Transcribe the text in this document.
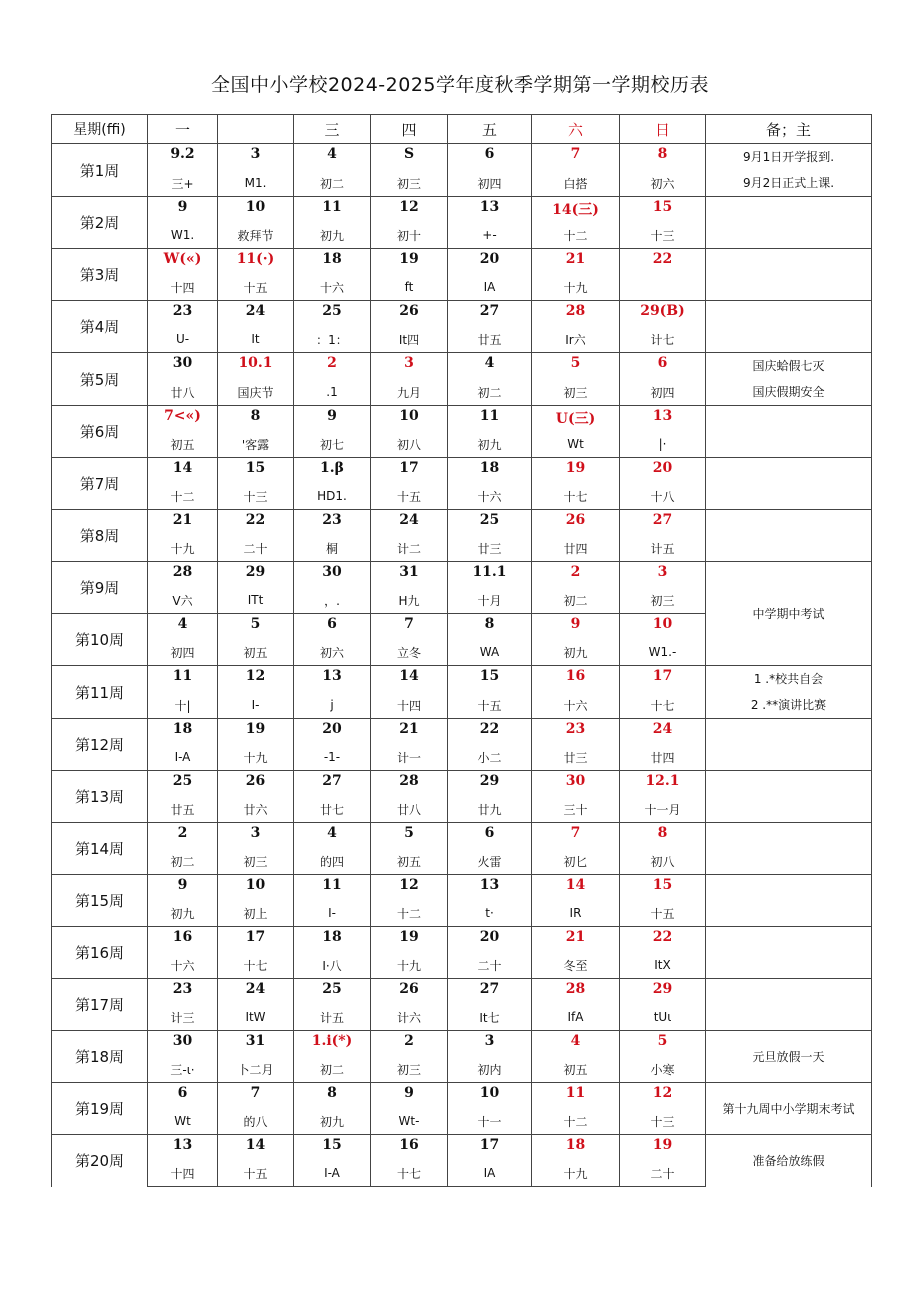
全国中小学校2024-2025学年度秋季学期第一学期校历表
星期(ffi)	一		三	四	五	六	日	备；主
第1周	9.2	3	4	S	6	7	8	9月1日开学报到.
9月2日正式上课.

	三+	M1.	初二	初三	初四	白搭	初六	
第2周	9	10	11	12	13	14(三)	15	
	W1.	救拜节	初九	初十	+-	十二	十三	
第3周	W(«)	11(·)	18	19	20	21	22	
	十四	十五	十六	ft	IA	十九		
第4周	23	24	25	26	27	28	29(B)	
	U-	It	：1：	It四	廿五	Ir六	计七	
第5周	30	10.1	2	3	4	5	6	国庆蛤假七灭
国庆假期安全

	廿八	国庆节	.1	九月	初二	初三	初四	
第6周	7<«)	8	9	10	11	U(三)	13	
	初五	'客露	初七	初八	初九	Wt	|·	
第7周	14	15	1.β	17	18	19	20	
	十二	十三	HD1.	十五	十六	十七	十八	
第8周	21	22	23	24	25	26	27	
	十九	二十	桐	计二	廿三	廿四	计五	
第9周	28	29	30	31	11.1	2	3	中学期中考试
	V六	ITt	，.	H九	十月	初二	初三	
第10周	4	5	6	7	8	9	10	
	初四	初五	初六	立冬	WA	初九	W1.-	
第11周	11	12	13	14	15	16	17	1 .*校共自会
2 .**演讲比赛

	十|	I-	j	十四	十五	十六	十七	
第12周	18	19	20	21	22	23	24	
	I-A	十九	-1-	计一	小二	廿三	廿四	
第13周	25	26	27	28	29	30	12.1	
	廿五	廿六	廿七	廿八	廿九	三十	十一月	
第14周	2	3	4	5	6	7	8	
	初二	初三	的四	初五	火雷	初匕	初八	
第15周	9	10	11	12	13	14	15	
	初九	初上	I-	十二	t·	IR	十五	
第16周	16	17	18	19	20	21	22	
	十六	十七	I·八	十九	二十	冬至	ItX	
第17周	23	24	25	26	27	28	29	
	计三	ItW	计五	计六	It七	IfA	tUι	
第18周	30	31	1.i(*)	2	3	4	5	元旦放假一天

	三-ι·	卜二月	初二	初三	初内	初五	小寒	
第19周	6	7	8	9	10	11	12	第十九周中小学期末考试

	Wt	的八	初九	Wt-	十一	十二	十三	
第20周	13	14	15	16	17	18	19	准备给放练假

	十四	十五	I-A	十七	IA	十九	二十	
